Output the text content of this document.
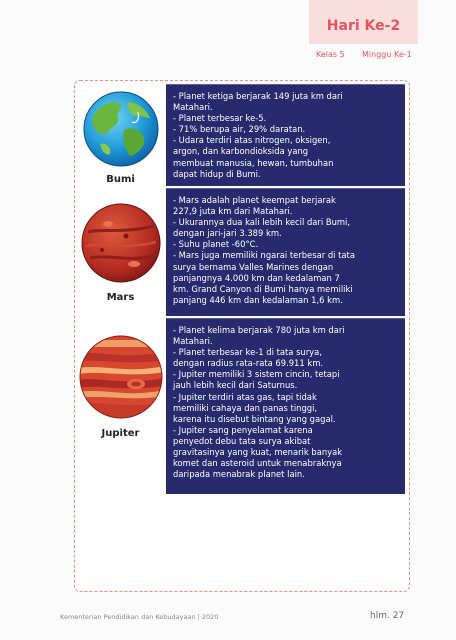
Hari Ke-2
Kelas 5 Minggu Ke-1
Bumi
- Planet ketiga berjarak 149 juta km dari
Matahari.
- Planet terbesar ke-5.
- 71% berupa air, 29% daratan.
- Udara terdiri atas nitrogen, oksigen,
argon, dan karbondioksida yang
membuat manusia, hewan, tumbuhan
dapat hidup di Bumi.
Mars
- Mars adalah planet keempat berjarak
227,9 juta km dari Matahari.
- Ukurannya dua kali lebih kecil dari Bumi,
dengan jari-jari 3.389 km.
- Suhu planet -60°C.
- Mars juga memiliki ngarai terbesar di tata
surya bernama Valles Marines dengan
panjangnya 4.000 km dan kedalaman 7
km. Grand Canyon di Bumi hanya memiliki
panjang 446 km dan kedalaman 1,6 km.
Jupiter
- Planet kelima berjarak 780 juta km dari
Matahari.
- Planet terbesar ke-1 di tata surya,
dengan radius rata-rata 69.911 km.
- Jupiter memiliki 3 sistem cincin, tetapi
jauh lebih kecil dari Saturnus.
- Jupiter terdiri atas gas, tapi tidak
memiliki cahaya dan panas tinggi,
karena itu disebut bintang yang gagal.
- Jupiter sang penyelamat karena
penyedot debu tata surya akibat
gravitasinya yang kuat, menarik banyak
komet dan asteroid untuk menabraknya
daripada menabrak planet lain.
Kementerian Pendidikan dan Kebudayaan | 2020	hlm. 27
